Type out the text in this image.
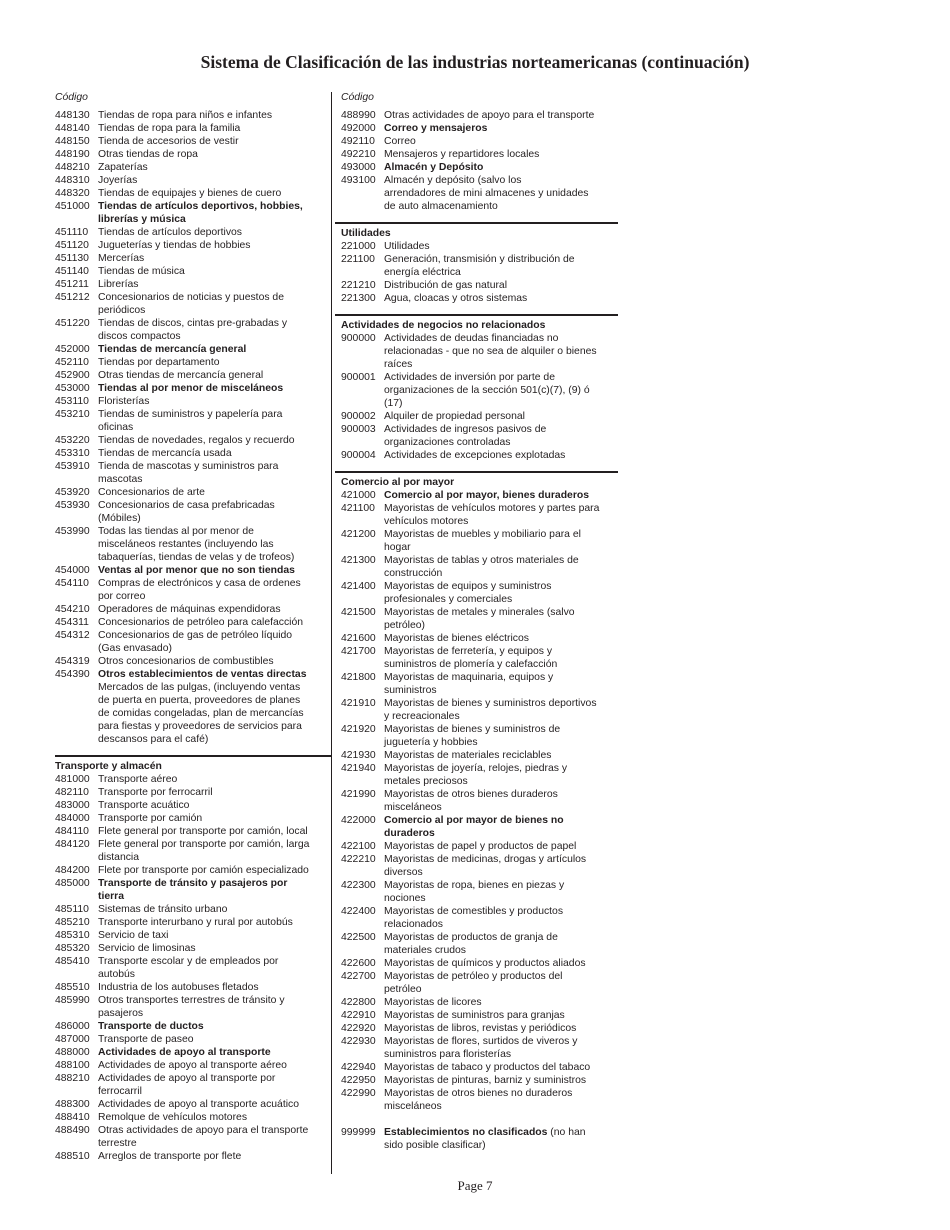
Sistema de Clasificación de las industrias norteamericanas (continuación)
Código
448130 Tiendas de ropa para niños e infantes
448140 Tiendas de ropa para la familia
448150 Tienda de accesorios de vestir
448190 Otras tiendas de ropa
448210 Zapaterías
448310 Joyerías
448320 Tiendas de equipajes y bienes de cuero
451000 Tiendas de artículos deportivos, hobbies,
librerías y música
451110 Tiendas de artículos deportivos
451120 Jugueterías y tiendas de hobbies
451130 Mercerías
451140 Tiendas de música
451211 Librerías
451212 Concesionarios de noticias y puestos de
periódicos
451220 Tiendas de discos, cintas pre-grabadas y
discos compactos
452000 Tiendas de mercancía general
452110 Tiendas por departamento
452900 Otras tiendas de mercancía general
453000 Tiendas al por menor de misceláneos
453110 Floristerías
453210 Tiendas de suministros y papelería para
oficinas
453220 Tiendas de novedades, regalos y recuerdo
453310 Tiendas de mercancía usada
453910 Tienda de mascotas y suministros para
mascotas
453920 Concesionarios de arte
453930 Concesionarios de casa prefabricadas
(Móbiles)
453990 Todas las tiendas al por menor de
misceláneos restantes (incluyendo las
tabaquerías, tiendas de velas y de trofeos)
454000 Ventas al por menor que no son tiendas
454110 Compras de electrónicos y casa de ordenes
por correo
454210 Operadores de máquinas expendidoras
454311 Concesionarios de petróleo para calefacción
454312 Concesionarios de gas de petróleo líquido
(Gas envasado)
454319 Otros concesionarios de combustibles
454390 Otros establecimientos de ventas directas
Mercados de las pulgas, (incluyendo ventas
de puerta en puerta, proveedores de planes
de comidas congeladas, plan de mercancías
para fiestas y proveedores de servicios para
descansos para el café)
Transporte y almacén
481000 Transporte aéreo
482110 Transporte por ferrocarril
483000 Transporte acuático
484000 Transporte por camión
484110 Flete general por transporte por camión, local
484120 Flete general por transporte por camión, larga
distancia
484200 Flete por transporte por camión especializado
485000 Transporte de tránsito y pasajeros por
tierra
485110 Sistemas de tránsito urbano
485210 Transporte interurbano y rural por autobús
485310 Servicio de taxi
485320 Servicio de limosinas
485410 Transporte escolar y de empleados por
autobús
485510 Industria de los autobuses fletados
485990 Otros transportes terrestres de tránsito y
pasajeros
486000 Transporte de ductos
487000 Transporte de paseo
488000 Actividades de apoyo al transporte
488100 Actividades de apoyo al transporte aéreo
488210 Actividades de apoyo al transporte por
ferrocarril
488300 Actividades de apoyo al transporte acuático
488410 Remolque de vehículos motores
488490 Otras actividades de apoyo para el transporte
terrestre
488510 Arreglos de transporte por flete
Código
488990 Otras actividades de apoyo para el transporte
492000 Correo y mensajeros
492110 Correo
492210 Mensajeros y repartidores locales
493000 Almacén y Depósito
493100 Almacén y depósito (salvo los
arrendadores de mini almacenes y unidades
de auto almacenamiento
Utilidades
221000 Utilidades
221100 Generación, transmisión y distribución de
energía eléctrica
221210 Distribución de gas natural
221300 Agua, cloacas y otros sistemas
Actividades de negocios no relacionados
900000 Actividades de deudas financiadas no
relacionadas - que no sea de alquiler o bienes
raíces
900001 Actividades de inversión por parte de
organizaciones de la sección 501(c)(7), (9) ó
(17)
900002 Alquiler de propiedad personal
900003 Actividades de ingresos pasivos de
organizaciones controladas
900004 Actividades de excepciones explotadas
Comercio al por mayor
421000 Comercio al por mayor, bienes duraderos
421100 Mayoristas de vehículos motores y partes para
vehículos motores
421200 Mayoristas de muebles y mobiliario para el
hogar
421300 Mayoristas de tablas y otros materiales de
construcción
421400 Mayoristas de equipos y suministros
profesionales y comerciales
421500 Mayoristas de metales y minerales (salvo
petróleo)
421600 Mayoristas de bienes eléctricos
421700 Mayoristas de ferretería, y equipos y
suministros de plomería y calefacción
421800 Mayoristas de maquinaria, equipos y
suministros
421910 Mayoristas de bienes y suministros deportivos
y recreacionales
421920 Mayoristas de bienes y suministros de
juguetería y hobbies
421930 Mayoristas de materiales reciclables
421940 Mayoristas de joyería, relojes, piedras y
metales preciosos
421990 Mayoristas de otros bienes duraderos
misceláneos
422000 Comercio al por mayor de bienes no
duraderos
422100 Mayoristas de papel y productos de papel
422210 Mayoristas de medicinas, drogas y artículos
diversos
422300 Mayoristas de ropa, bienes en piezas y
nociones
422400 Mayoristas de comestibles y productos
relacionados
422500 Mayoristas de productos de granja de
materiales crudos
422600 Mayoristas de químicos y productos aliados
422700 Mayoristas de petróleo y productos del
petróleo
422800 Mayoristas de licores
422910 Mayoristas de suministros para granjas
422920 Mayoristas de libros, revistas y periódicos
422930 Mayoristas de flores, surtidos de viveros y
suministros para floristerías
422940 Mayoristas de tabaco y productos del tabaco
422950 Mayoristas de pinturas, barniz y suministros
422990 Mayoristas de otros bienes no duraderos
misceláneos
999999 Establecimientos no clasificados (no han
sido posible clasificar)
Page 7
